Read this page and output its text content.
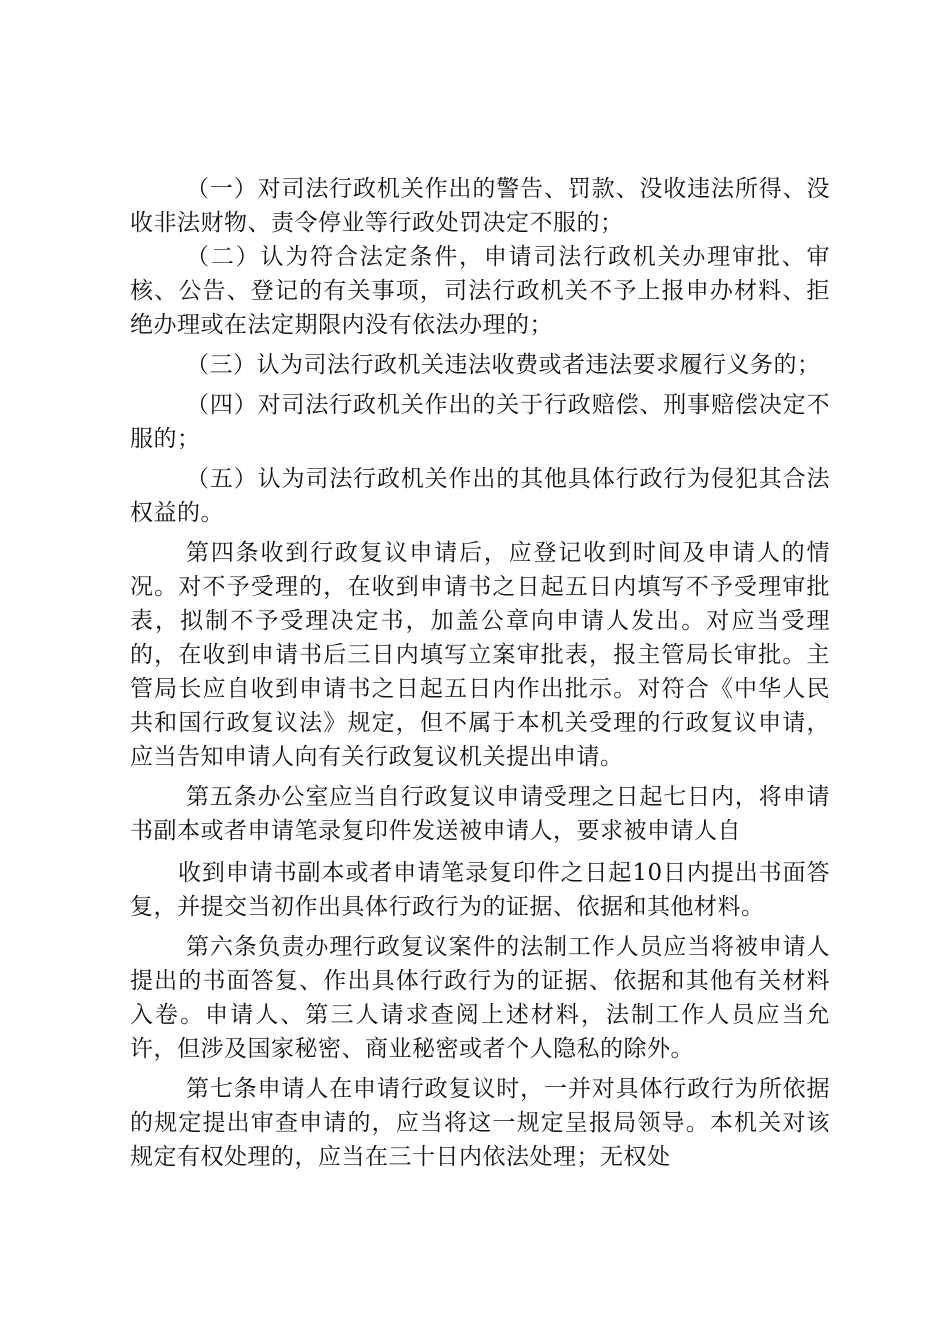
（一）对司法行政机关作出的警告、罚款、没收违法所得、没收非法财物、责令停业等行政处罚决定不服的；

（二）认为符合法定条件，申请司法行政机关办理审批、审核、公告、登记的有关事项，司法行政机关不予上报申办材料、拒绝办理或在法定期限内没有依法办理的；

（三）认为司法行政机关违法收费或者违法要求履行义务的；

（四）对司法行政机关作出的关于行政赔偿、刑事赔偿决定不服的；

（五）认为司法行政机关作出的其他具体行政行为侵犯其合法权益的。

第四条收到行政复议申请后，应登记收到时间及申请人的情况。对不予受理的，在收到申请书之日起五日内填写不予受理审批表，拟制不予受理决定书，加盖公章向申请人发出。对应当受理的，在收到申请书后三日内填写立案审批表，报主管局长审批。主管局长应自收到申请书之日起五日内作出批示。对符合《中华人民共和国行政复议法》规定，但不属于本机关受理的行政复议申请，应当告知申请人向有关行政复议机关提出申请。

第五条办公室应当自行政复议申请受理之日起七日内，将申请书副本或者申请笔录复印件发送被申请人，要求被申请人自

收到申请书副本或者申请笔录复印件之日起10日内提出书面答复，并提交当初作出具体行政行为的证据、依据和其他材料。

第六条负责办理行政复议案件的法制工作人员应当将被申请人提出的书面答复、作出具体行政行为的证据、依据和其他有关材料入卷。申请人、第三人请求查阅上述材料，法制工作人员应当允许，但涉及国家秘密、商业秘密或者个人隐私的除外。

第七条申请人在申请行政复议时，一并对具体行政行为所依据的规定提出审查申请的，应当将这一规定呈报局领导。本机关对该规定有权处理的，应当在三十日内依法处理；无权处
